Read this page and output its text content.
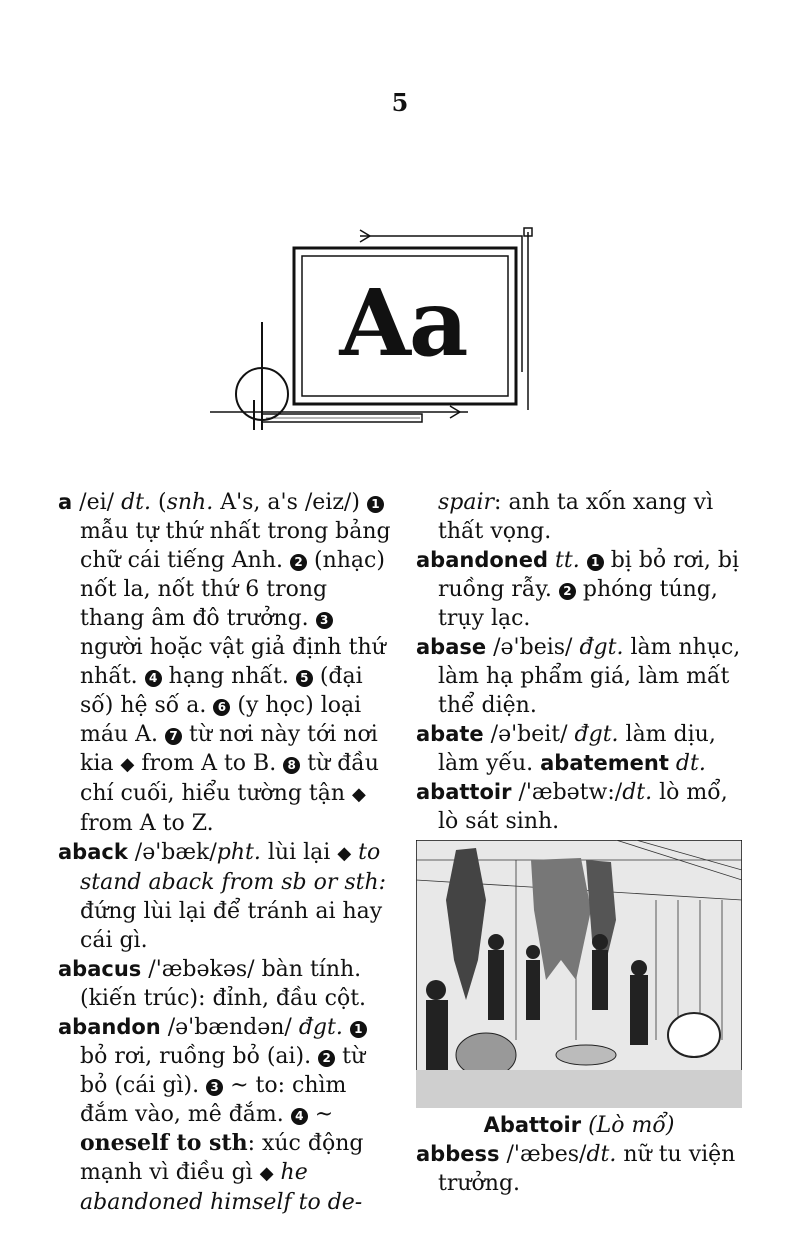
5
Aa

a /ei/ dt. (snh. A's, a's /eiz/) 1 mẫu tự thứ nhất trong bảng chữ cái tiếng Anh. 2 (nhạc) nốt la, nốt thứ 6 trong thang âm đô trưởng. 3 người hoặc vật giả định thứ nhất. 4 hạng nhất. 5 (đại số) hệ số a. 6 (y học) loại máu A. 7 từ nơi này tới nơi kia ◆ from A to B. 8 từ đầu chí cuối, hiểu tường tận ◆ from A to Z.

aback /ə'bæk/pht. lùi lại ◆ to stand aback from sb or sth: đứng lùi lại để tránh ai hay cái gì.

abacus /'æbəkəs/ bàn tính. (kiến trúc): đỉnh, đầu cột.

abandon /ə'bændən/ đgt. 1 bỏ rơi, ruồng bỏ (ai). 2 từ bỏ (cái gì). 3 ~ to: chìm đắm vào, mê đắm. 4 ~ oneself to sth: xúc động mạnh vì điều gì ◆ he abandoned himself to de-

spair: anh ta xốn xang vì thất vọng.

abandoned tt. 1 bị bỏ rơi, bị ruồng rẫy. 2 phóng túng, trụy lạc.

abase /ə'beis/ đgt. làm nhục, làm hạ phẩm giá, làm mất thể diện.

abate /ə'beit/ đgt. làm dịu, làm yếu. abatement dt.

abattoir /'æbətw:/dt. lò mổ, lò sát sinh.

Abattoir (Lò mổ)

abbess /'æbes/dt. nữ tu viện trưởng.
